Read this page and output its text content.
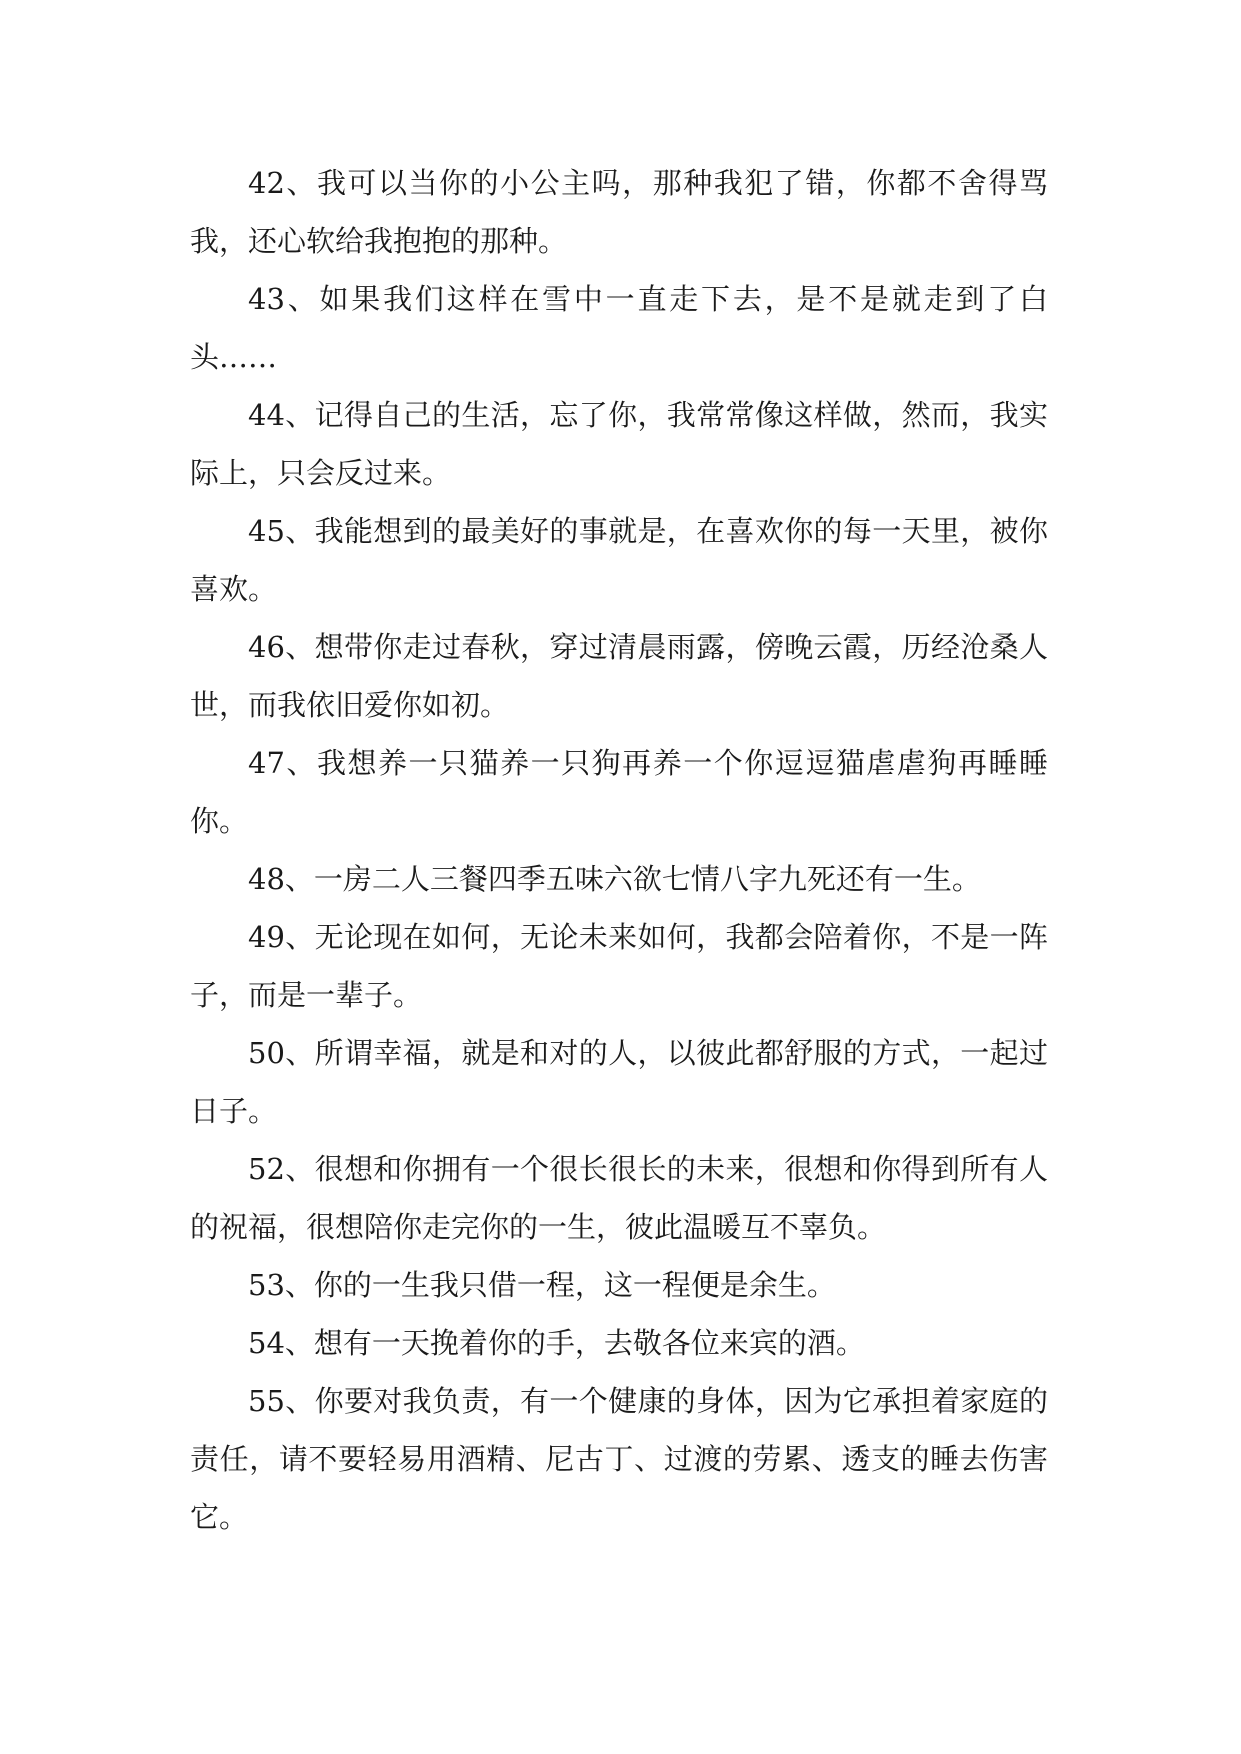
42、我可以当你的小公主吗，那种我犯了错，你都不舍得骂我，还心软给我抱抱的那种。

43、如果我们这样在雪中一直走下去，是不是就走到了白头……

44、记得自己的生活，忘了你，我常常像这样做，然而，我实际上，只会反过来。

45、我能想到的最美好的事就是，在喜欢你的每一天里，被你喜欢。

46、想带你走过春秋，穿过清晨雨露，傍晚云霞，历经沧桑人世，而我依旧爱你如初。

47、我想养一只猫养一只狗再养一个你逗逗猫虐虐狗再睡睡你。

48、一房二人三餐四季五味六欲七情八字九死还有一生。

49、无论现在如何，无论未来如何，我都会陪着你，不是一阵子，而是一辈子。

50、所谓幸福，就是和对的人，以彼此都舒服的方式，一起过日子。

52、很想和你拥有一个很长很长的未来，很想和你得到所有人的祝福，很想陪你走完你的一生，彼此温暖互不辜负。

53、你的一生我只借一程，这一程便是余生。

54、想有一天挽着你的手，去敬各位来宾的酒。

55、你要对我负责，有一个健康的身体，因为它承担着家庭的责任，请不要轻易用酒精、尼古丁、过渡的劳累、透支的睡去伤害它。
